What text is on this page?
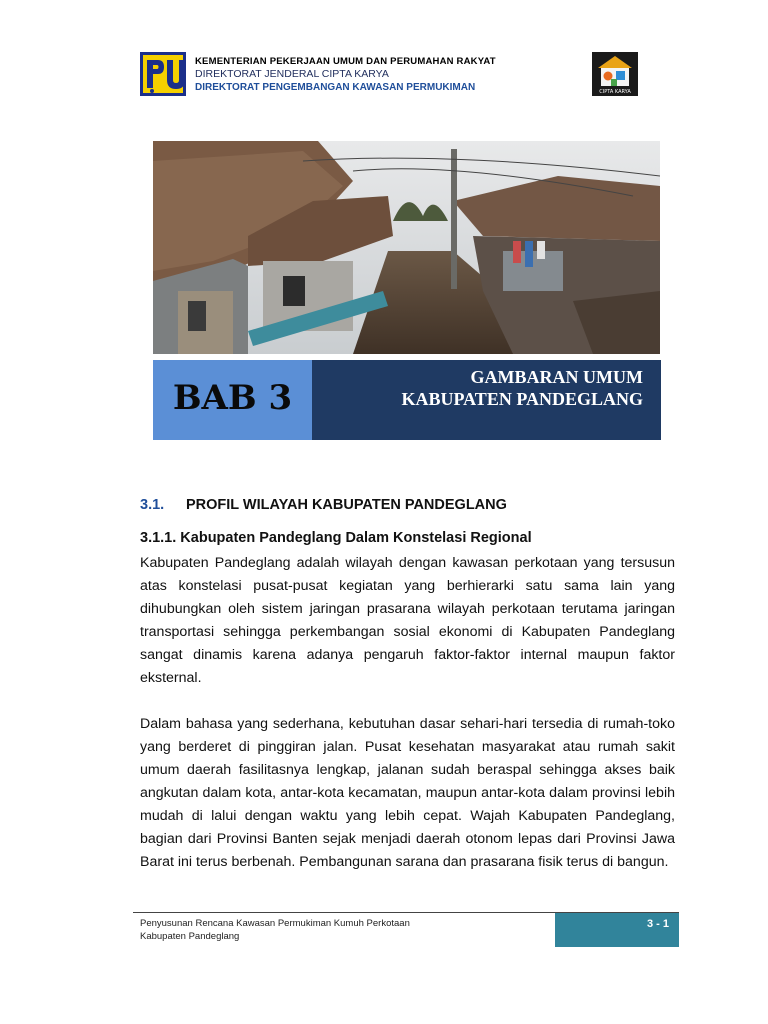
KEMENTERIAN PEKERJAAN UMUM DAN PERUMAHAN RAKYAT
DIREKTORAT JENDERAL CIPTA KARYA
DIREKTORAT PENGEMBANGAN KAWASAN PERMUKIMAN	CIPTA KARYA
BAB 3
GAMBARAN UMUM
KABUPATEN PANDEGLANG
3.1. PROFIL WILAYAH KABUPATEN PANDEGLANG
3.1.1. Kabupaten Pandeglang Dalam Konstelasi Regional
Kabupaten Pandeglang adalah wilayah dengan kawasan perkotaan yang tersusun atas konstelasi pusat-pusat kegiatan yang berhierarki satu sama lain yang dihubungkan oleh sistem jaringan prasarana wilayah perkotaan terutama jaringan transportasi sehingga perkembangan sosial ekonomi di Kabupaten Pandeglang sangat dinamis karena adanya pengaruh faktor-faktor internal maupun faktor eksternal.
Dalam bahasa yang sederhana, kebutuhan dasar sehari-hari tersedia di rumah-toko yang berderet di pinggiran jalan. Pusat kesehatan masyarakat atau rumah sakit umum daerah fasilitasnya lengkap, jalanan sudah beraspal sehingga akses baik angkutan dalam kota, antar-kota kecamatan, maupun antar-kota dalam provinsi lebih mudah di lalui dengan waktu yang lebih cepat. Wajah Kabupaten Pandeglang, bagian dari Provinsi Banten sejak menjadi daerah otonom lepas dari Provinsi Jawa Barat ini terus berbenah. Pembangunan sarana dan prasarana fisik terus di bangun.
Penyusunan Rencana Kawasan Permukiman Kumuh Perkotaan
Kabupaten Pandeglang
3 - 1
